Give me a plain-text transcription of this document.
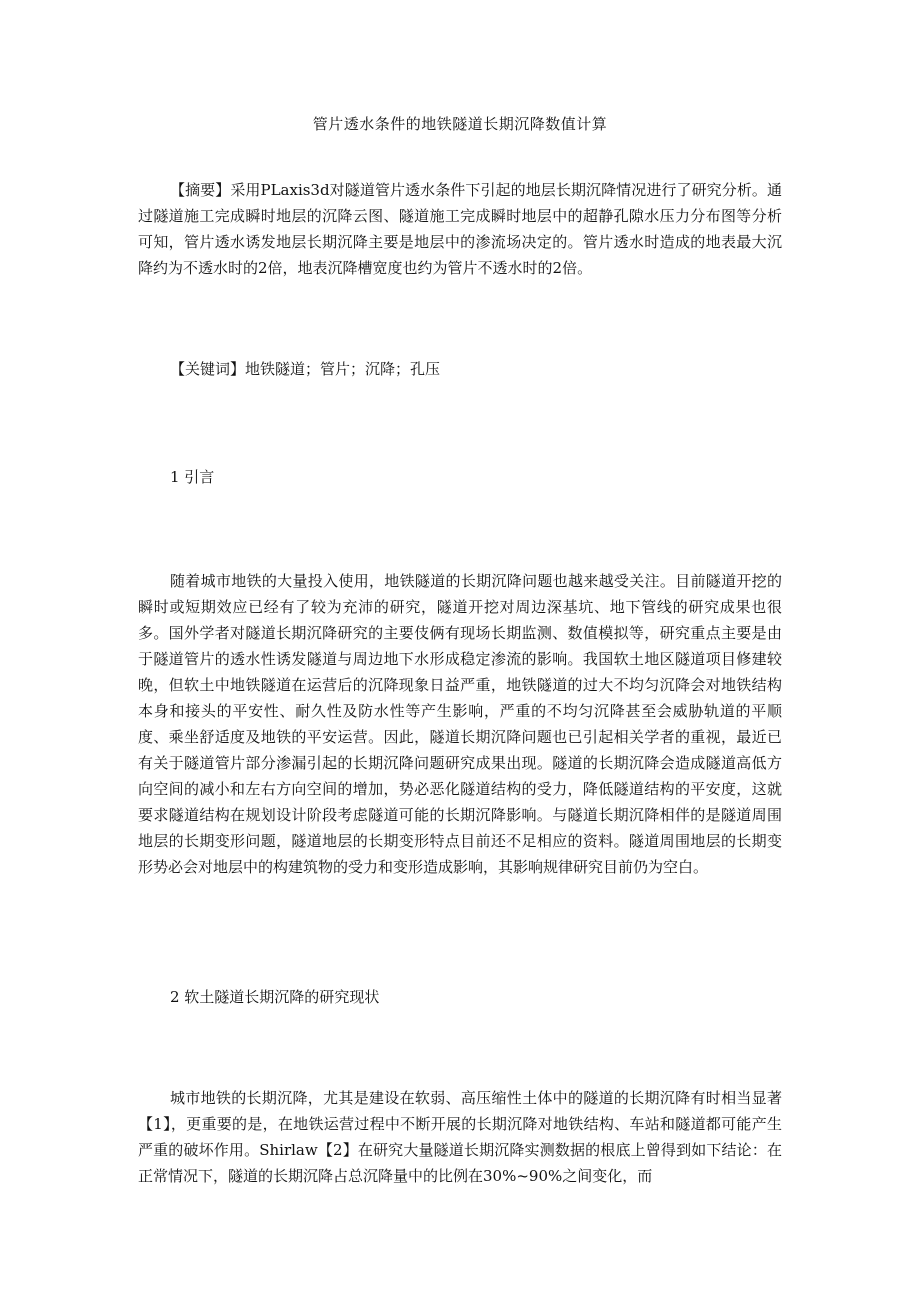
管片透水条件的地铁隧道长期沉降数值计算

【摘要】采用PLaxis3d对隧道管片透水条件下引起的地层长期沉降情况进行了研究分析。通过隧道施工完成瞬时地层的沉降云图、隧道施工完成瞬时地层中的超静孔隙水压力分布图等分析可知，管片透水诱发地层长期沉降主要是地层中的渗流场决定的。管片透水时造成的地表最大沉降约为不透水时的2倍，地表沉降槽宽度也约为管片不透水时的2倍。

【关键词】地铁隧道；管片；沉降；孔压

1 引言

随着城市地铁的大量投入使用，地铁隧道的长期沉降问题也越来越受关注。目前隧道开挖的瞬时或短期效应已经有了较为充沛的研究，隧道开挖对周边深基坑、地下管线的研究成果也很多。国外学者对隧道长期沉降研究的主要伎俩有现场长期监测、数值模拟等，研究重点主要是由于隧道管片的透水性诱发隧道与周边地下水形成稳定渗流的影响。我国软土地区隧道项目修建较晚，但软土中地铁隧道在运营后的沉降现象日益严重，地铁隧道的过大不均匀沉降会对地铁结构本身和接头的平安性、耐久性及防水性等产生影响，严重的不均匀沉降甚至会威胁轨道的平顺度、乘坐舒适度及地铁的平安运营。因此，隧道长期沉降问题也已引起相关学者的重视，最近已有关于隧道管片部分渗漏引起的长期沉降问题研究成果出现。隧道的长期沉降会造成隧道高低方向空间的减小和左右方向空间的增加，势必恶化隧道结构的受力，降低隧道结构的平安度，这就要求隧道结构在规划设计阶段考虑隧道可能的长期沉降影响。与隧道长期沉降相伴的是隧道周围地层的长期变形问题，隧道地层的长期变形特点目前还不足相应的资料。隧道周围地层的长期变形势必会对地层中的构建筑物的受力和变形造成影响，其影响规律研究目前仍为空白。

2 软土隧道长期沉降的研究现状

城市地铁的长期沉降，尤其是建设在软弱、高压缩性土体中的隧道的长期沉降有时相当显著【1】，更重要的是，在地铁运营过程中不断开展的长期沉降对地铁结构、车站和隧道都可能产生严重的破坏作用。Shirlaw【2】在研究大量隧道长期沉降实测数据的根底上曾得到如下结论：在正常情况下，隧道的长期沉降占总沉降量中的比例在30%~90%之间变化，而
